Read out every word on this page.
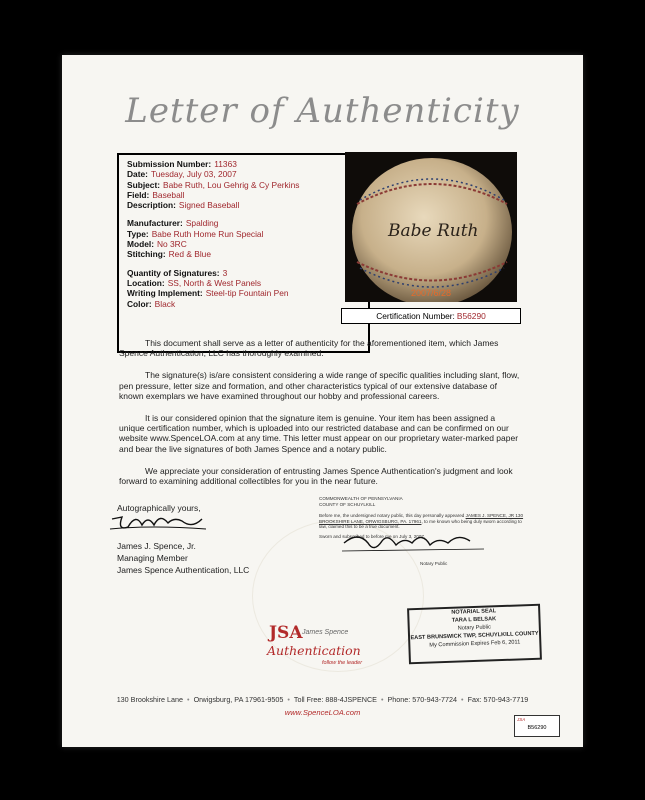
Letter of Authenticity
Submission Number: 11363
Date: Tuesday, July 03, 2007
Subject: Babe Ruth, Lou Gehrig & Cy Perkins
Field: Baseball
Description: Signed Baseball
Manufacturer: Spalding
Type: Babe Ruth Home Run Special
Model: No 3RC
Stitching: Red & Blue
Quantity of Signatures: 3
Location: SS, North & West Panels
Writing Implement: Steel-tip Fountain Pen
Color: Black
Babe Ruth
2007/6/28
Certification Number: B56290

This document shall serve as a letter of authenticity for the aforementioned item, which James Spence Authentication, LLC has thoroughly examined.

The signature(s) is/are consistent considering a wide range of specific qualities including slant, flow, pen pressure, letter size and formation, and other characteristics typical of our extensive database of known exemplars we have examined throughout our hobby and professional careers.

It is our considered opinion that the signature item is genuine. Your item has been assigned a unique certification number, which is uploaded into our restricted database and can be confirmed on our website www.SpenceLOA.com at any time. This letter must appear on our proprietary water-marked paper and bear the live signatures of both James Spence and a notary public.

We appreciate your consideration of entrusting James Spence Authentication's judgment and look forward to examining additional collectibles for you in the near future.

Autographically yours,
James J. Spence, Jr.
Managing Member
James Spence Authentication, LLC
COMMONWEALTH OF PENNSYLVANIA
COUNTY OF SCHUYLKILL
Before me, the undersigned notary public, this day personally appeared JAMES J. SPENCE, JR 130 BROOKSHIRE LANE, ORWIGSBURG, PA. 17961, to me known who being duly sworn according to law, claimed this to be a true document.
Sworn and subscribed to before me on July 3, 2007.
Notary Public
NOTARIAL SEAL
TARA L BELSAK
Notary Public
EAST BRUNSWICK TWP, SCHUYLKILL COUNTY
My Commission Expires Feb 6, 2011
JSA James Spence
Authentication
follow the leader
130 Brookshire Lane • Orwigsburg, PA 17961-9505 • Toll Free: 888-4JSPENCE • Phone: 570-943-7724 • Fax: 570-943-7719
www.SpenceLOA.com
JSA
B56290
